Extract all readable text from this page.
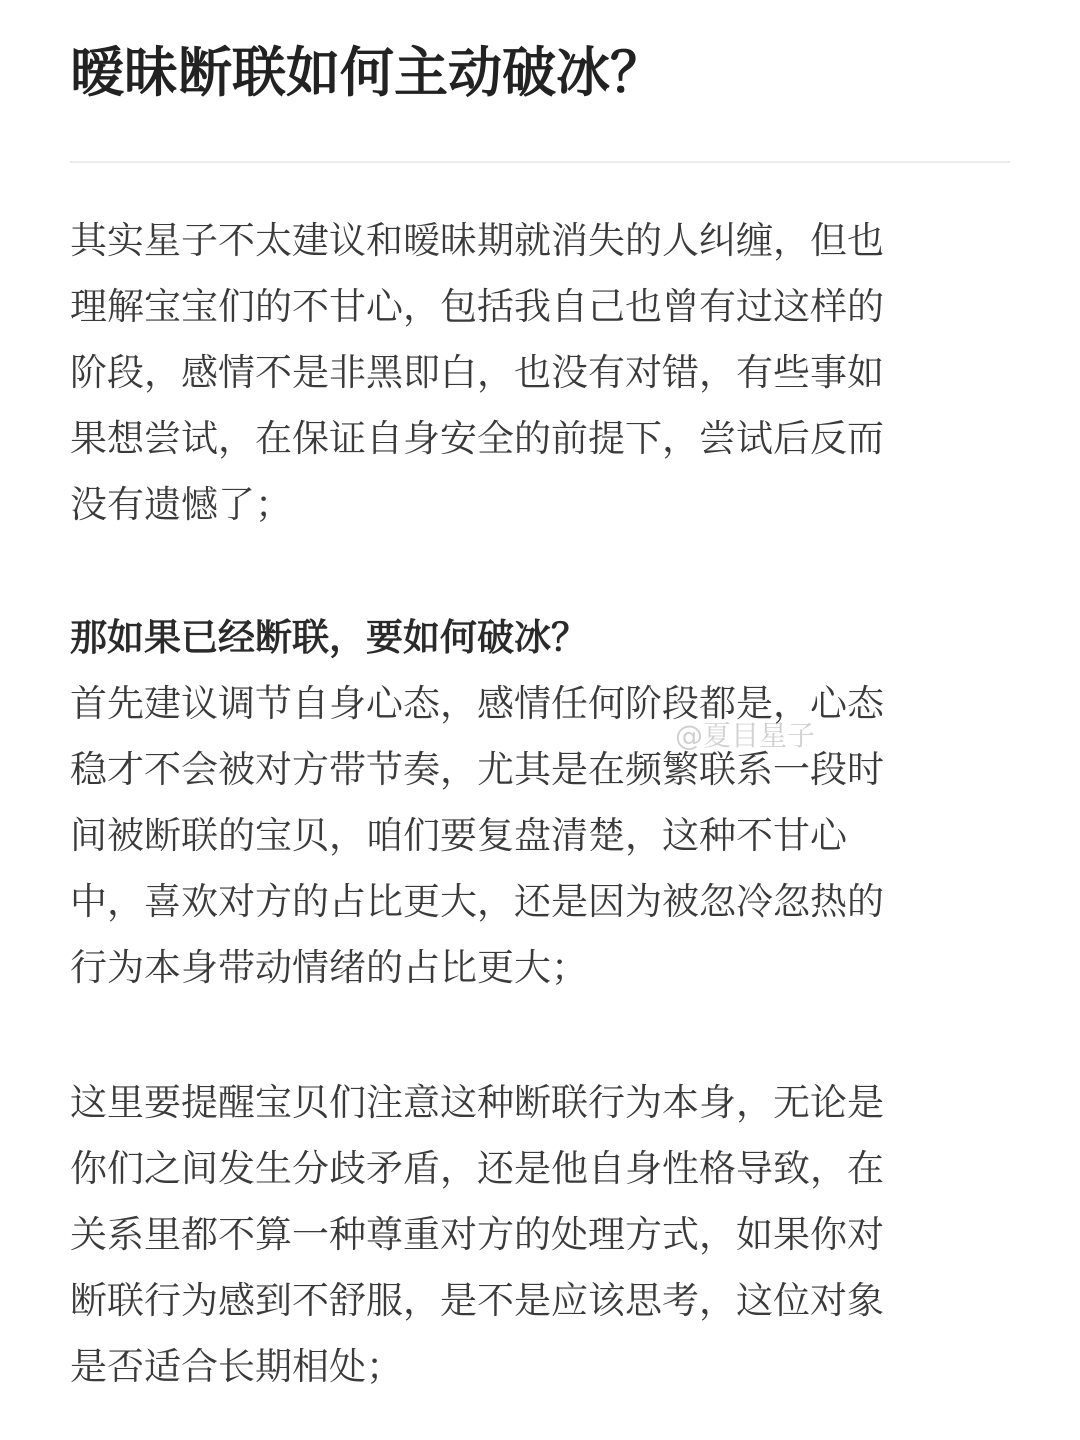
暧昧断联如何主动破冰？
其实星子不太建议和暧昧期就消失的人纠缠，但也
理解宝宝们的不甘心，包括我自己也曾有过这样的
阶段，感情不是非黑即白，也没有对错，有些事如
果想尝试，在保证自身安全的前提下，尝试后反而
没有遗憾了；
那如果已经断联，要如何破冰？
首先建议调节自身心态，感情任何阶段都是，心态
稳才不会被对方带节奏，尤其是在频繁联系一段时
间被断联的宝贝，咱们要复盘清楚，这种不甘心
中，喜欢对方的占比更大，还是因为被忽冷忽热的
行为本身带动情绪的占比更大；
这里要提醒宝贝们注意这种断联行为本身，无论是
你们之间发生分歧矛盾，还是他自身性格导致，在
关系里都不算一种尊重对方的处理方式，如果你对
断联行为感到不舒服，是不是应该思考，这位对象
是否适合长期相处；
@夏目星子
